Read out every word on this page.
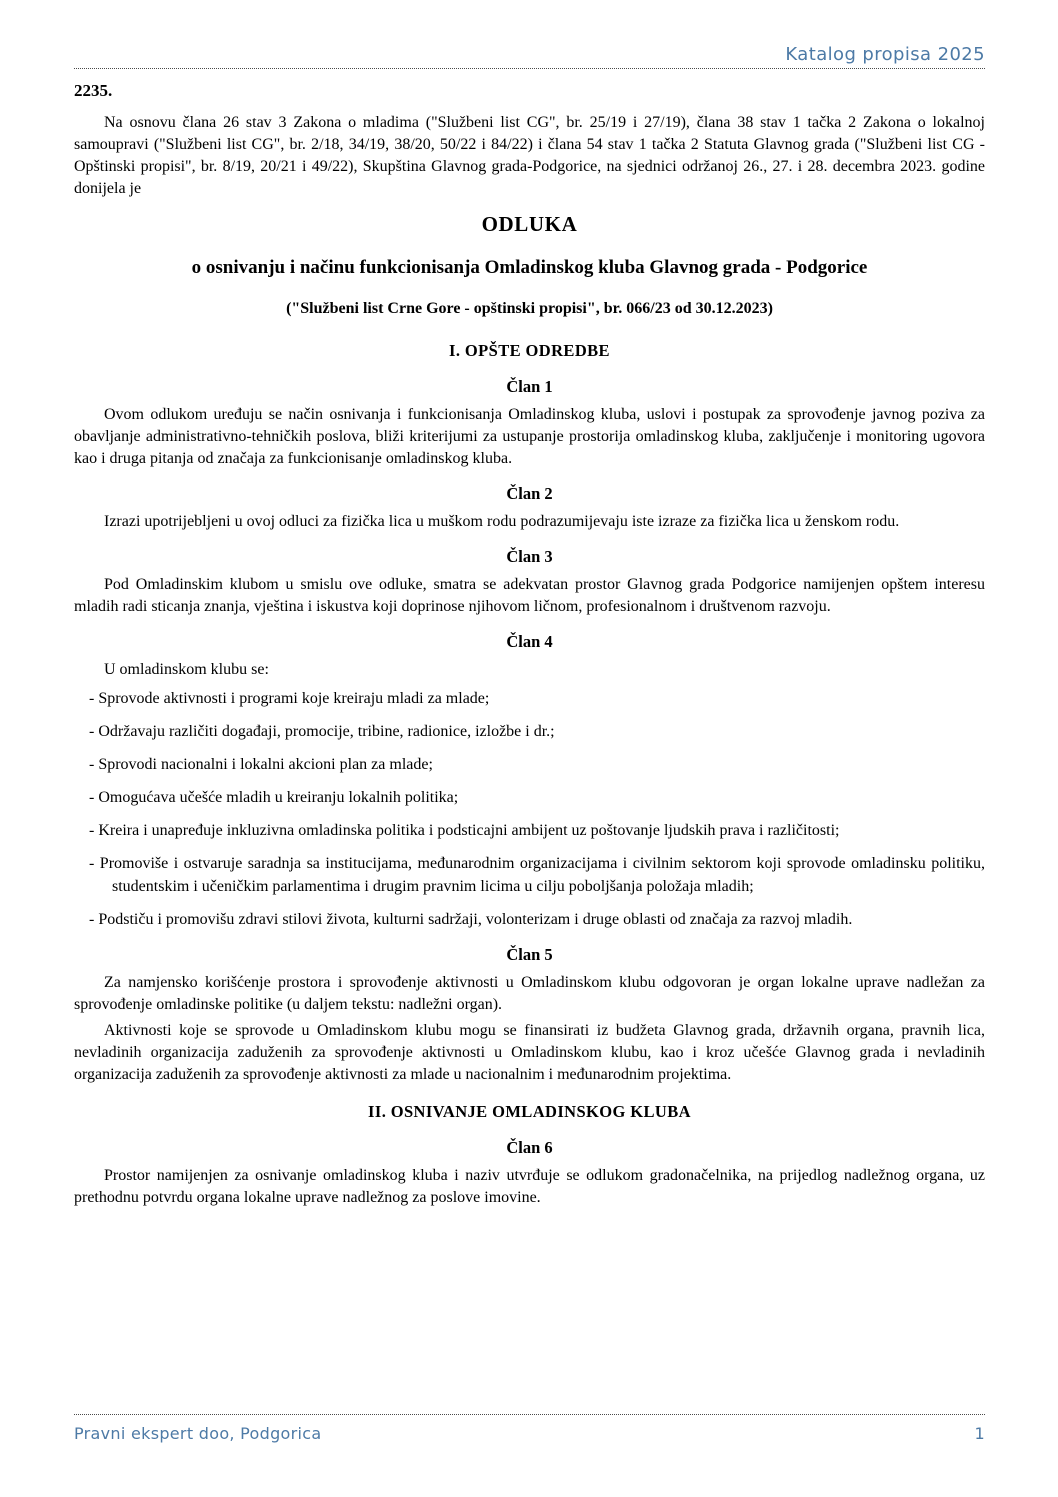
Katalog propisa 2025
2235.

Na osnovu člana 26 stav 3 Zakona o mladima ("Službeni list CG", br. 25/19 i 27/19), člana 38 stav 1 tačka 2 Zakona o lokalnoj samoupravi ("Službeni list CG", br. 2/18, 34/19, 38/20, 50/22 i 84/22) i člana 54 stav 1 tačka 2 Statuta Glavnog grada ("Službeni list CG - Opštinski propisi", br. 8/19, 20/21 i 49/22), Skupština Glavnog grada-Podgorice, na sjednici održanoj 26., 27. i 28. decembra 2023. godine donijela je

ODLUKA
o osnivanju i načinu funkcionisanja Omladinskog kluba Glavnog grada - Podgorice
("Službeni list Crne Gore - opštinski propisi", br. 066/23 od 30.12.2023)
I. OPŠTE ODREDBE
Član 1

Ovom odlukom uređuju se način osnivanja i funkcionisanja Omladinskog kluba, uslovi i postupak za sprovođenje javnog poziva za obavljanje administrativno-tehničkih poslova, bliži kriterijumi za ustupanje prostorija omladinskog kluba, zaključenje i monitoring ugovora kao i druga pitanja od značaja za funkcionisanje omladinskog kluba.

Član 2

Izrazi upotrijebljeni u ovoj odluci za fizička lica u muškom rodu podrazumijevaju iste izraze za fizička lica u ženskom rodu.

Član 3

Pod Omladinskim klubom u smislu ove odluke, smatra se adekvatan prostor Glavnog grada Podgorice namijenjen opštem interesu mladih radi sticanja znanja, vještina i iskustva koji doprinose njihovom ličnom, profesionalnom i društvenom razvoju.

Član 4

U omladinskom klubu se:

- Sprovode aktivnosti i programi koje kreiraju mladi za mlade;
- Održavaju različiti događaji, promocije, tribine, radionice, izložbe i dr.;
- Sprovodi nacionalni i lokalni akcioni plan za mlade;
- Omogućava učešće mladih u kreiranju lokalnih politika;
- Kreira i unapređuje inkluzivna omladinska politika i podsticajni ambijent uz poštovanje ljudskih prava i različitosti;
- Promoviše i ostvaruje saradnja sa institucijama, međunarodnim organizacijama i civilnim sektorom koji sprovode omladinsku politiku, studentskim i učeničkim parlamentima i drugim pravnim licima u cilju poboljšanja položaja mladih;
- Podstiču i promovišu zdravi stilovi života, kulturni sadržaji, volonterizam i druge oblasti od značaja za razvoj mladih.
Član 5

Za namjensko korišćenje prostora i sprovođenje aktivnosti u Omladinskom klubu odgovoran je organ lokalne uprave nadležan za sprovođenje omladinske politike (u daljem tekstu: nadležni organ).

Aktivnosti koje se sprovode u Omladinskom klubu mogu se finansirati iz budžeta Glavnog grada, državnih organa, pravnih lica, nevladinih organizacija zaduženih za sprovođenje aktivnosti u Omladinskom klubu, kao i kroz učešće Glavnog grada i nevladinih organizacija zaduženih za sprovođenje aktivnosti za mlade u nacionalnim i međunarodnim projektima.

II. OSNIVANJE OMLADINSKOG KLUBA
Član 6

Prostor namijenjen za osnivanje omladinskog kluba i naziv utvrđuje se odlukom gradonačelnika, na prijedlog nadležnog organa, uz prethodnu potvrdu organa lokalne uprave nadležnog za poslove imovine.

Pravni ekspert doo, Podgorica	1
